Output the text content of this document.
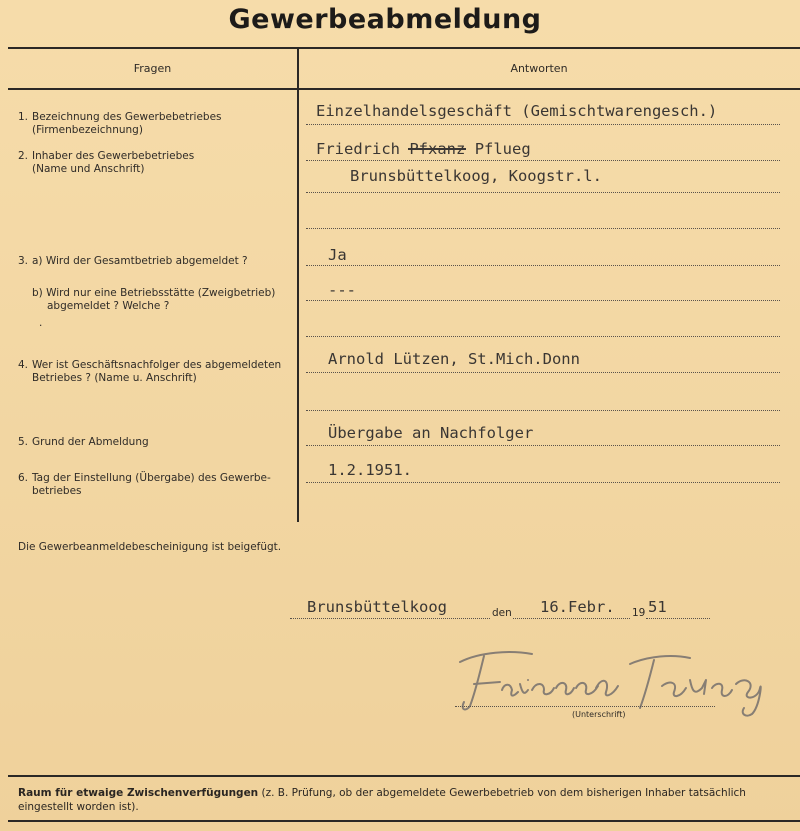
Gewerbeabmeldung
Fragen	Antworten
1. Bezeichnung des Gewerbebetriebes
(Firmenbezeichnung)
2. Inhaber des Gewerbebetriebes
(Name und Anschrift)
3. a) Wird der Gesamtbetrieb abgemeldet ?
b) Wird nur eine Betriebsstätte (Zweigbetrieb)
abgemeldet ? Welche ?
·
4. Wer ist Geschäftsnachfolger des abgemeldeten
Betriebes ? (Name u. Anschrift)
5. Grund der Abmeldung
6. Tag der Einstellung (Übergabe) des Gewerbe-
betriebes
Einzelhandelsgeschäft (Gemischtwarengesch.)
Friedrich Pfxanz Pflueg
Brunsbüttelkoog, Koogstr.l.
Ja
---
Arnold Lützen, St.Mich.Donn
Übergabe an Nachfolger
1.2.1951.
Die Gewerbeanmeldebescheinigung ist beigefügt.
Brunsbüttelkoog	den 16.Febr. 19 51
(Unterschrift)
Raum für etwaige Zwischenverfügungen (z. B. Prüfung, ob der abgemeldete Gewerbebetrieb von dem bisherigen Inhaber tatsächlich eingestellt worden ist).
